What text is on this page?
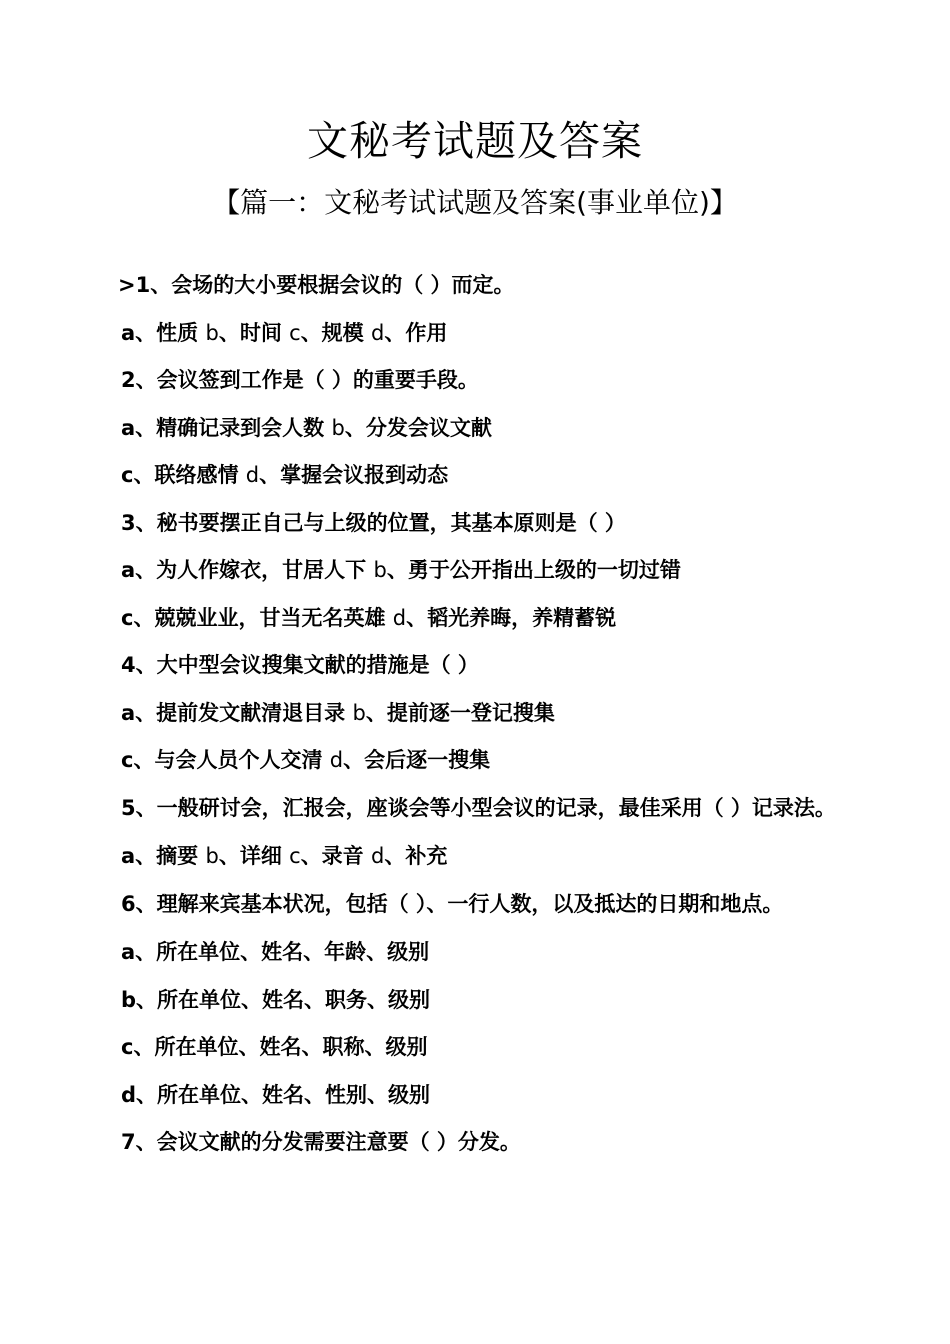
文秘考试题及答案
【篇一：文秘考试试题及答案(事业单位)】

>1、会场的大小要根据会议的（ ）而定。

a、性质 b、时间 c、规模 d、作用

2、会议签到工作是（ ）的重要手段。

a、精确记录到会人数 b、分发会议文献

c、联络感情 d、掌握会议报到动态

3、秘书要摆正自己与上级的位置，其基本原则是（ ）

a、为人作嫁衣，甘居人下 b、勇于公开指出上级的一切过错

c、兢兢业业，甘当无名英雄 d、韬光养晦，养精蓄锐

4、大中型会议搜集文献的措施是（ ）

a、提前发文献清退目录 b、提前逐一登记搜集

c、与会人员个人交清 d、会后逐一搜集

5、一般研讨会，汇报会，座谈会等小型会议的记录，最佳采用（ ）记录法。

a、摘要 b、详细 c、录音 d、补充

6、理解来宾基本状况，包括（ ）、一行人数，以及抵达的日期和地点。

a、所在单位、姓名、年龄、级别

b、所在单位、姓名、职务、级别

c、所在单位、姓名、职称、级别

d、所在单位、姓名、性别、级别

7、会议文献的分发需要注意要（ ）分发。
